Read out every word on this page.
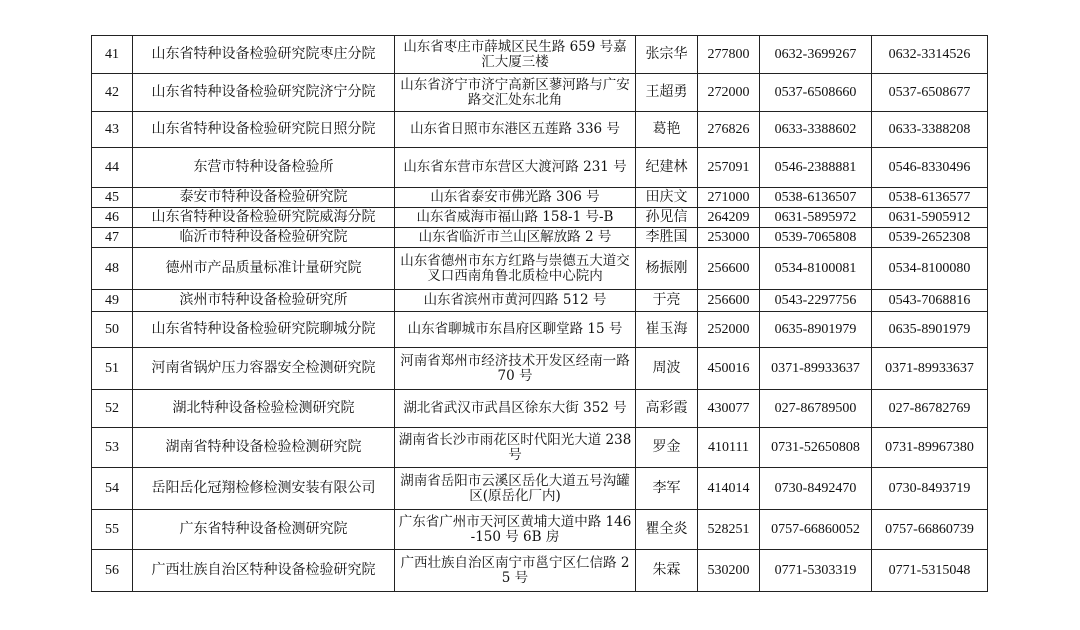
41	山东省特种设备检验研究院枣庄分院	山东省枣庄市薛城区民生路 659 号嘉汇大厦三楼	张宗华	277800	0632-3699267	0632-3314526
42	山东省特种设备检验研究院济宁分院	山东省济宁市济宁高新区蓼河路与广安路交汇处东北角	王超勇	272000	0537-6508660	0537-6508677
43	山东省特种设备检验研究院日照分院	山东省日照市东港区五莲路 336 号	葛艳	276826	0633-3388602	0633-3388208
44	东营市特种设备检验所	山东省东营市东营区大渡河路 231 号	纪建林	257091	0546-2388881	0546-8330496
45	泰安市特种设备检验研究院	山东省泰安市佛光路 306 号	田庆文	271000	0538-6136507	0538-6136577
46	山东省特种设备检验研究院威海分院	山东省威海市福山路 158-1 号-B	孙见信	264209	0631-5895972	0631-5905912
47	临沂市特种设备检验研究院	山东省临沂市兰山区解放路 2 号	李胜国	253000	0539-7065808	0539-2652308
48	德州市产品质量标准计量研究院	山东省德州市东方红路与崇德五大道交叉口西南角鲁北质检中心院内	杨振刚	256600	0534-8100081	0534-8100080
49	滨州市特种设备检验研究所	山东省滨州市黄河四路 512 号	于亮	256600	0543-2297756	0543-7068816
50	山东省特种设备检验研究院聊城分院	山东省聊城市东昌府区聊堂路 15 号	崔玉海	252000	0635-8901979	0635-8901979
51	河南省锅炉压力容器安全检测研究院	河南省郑州市经济技术开发区经南一路 70 号	周波	450016	0371-89933637	0371-89933637
52	湖北特种设备检验检测研究院	湖北省武汉市武昌区徐东大街 352 号	高彩霞	430077	027-86789500	027-86782769
53	湖南省特种设备检验检测研究院	湖南省长沙市雨花区时代阳光大道 238 号	罗金	410111	0731-52650808	0731-89967380
54	岳阳岳化冠翔检修检测安装有限公司	湖南省岳阳市云溪区岳化大道五号沟罐区(原岳化厂内)	李军	414014	0730-8492470	0730-8493719
55	广东省特种设备检测研究院	广东省广州市天河区黄埔大道中路 146-150 号 6B 房	瞿全炎	528251	0757-66860052	0757-66860739
56	广西壮族自治区特种设备检验研究院	广西壮族自治区南宁市邕宁区仁信路 25 号	朱霖	530200	0771-5303319	0771-5315048
